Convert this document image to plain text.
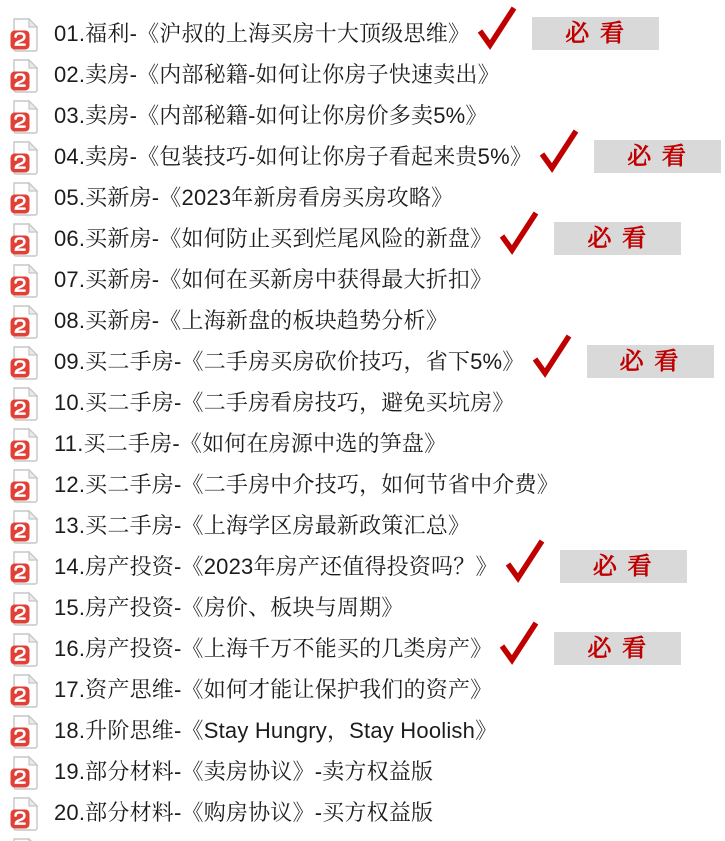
01.福利-《沪叔的上海买房十大顶级思维》	必 看
02.卖房-《内部秘籍-如何让你房子快速卖出》
03.卖房-《内部秘籍-如何让你房价多卖5%》
04.卖房-《包装技巧-如何让你房子看起来贵5%》	必 看
05.买新房-《2023年新房看房买房攻略》
06.买新房-《如何防止买到烂尾风险的新盘》	必 看
07.买新房-《如何在买新房中获得最大折扣》
08.买新房-《上海新盘的板块趋势分析》
09.买二手房-《二手房买房砍价技巧，省下5%》	必 看
10.买二手房-《二手房看房技巧，避免买坑房》
11.买二手房-《如何在房源中选的笋盘》
12.买二手房-《二手房中介技巧，如何节省中介费》
13.买二手房-《上海学区房最新政策汇总》
14.房产投资-《2023年房产还值得投资吗？》	必 看
15.房产投资-《房价、板块与周期》
16.房产投资-《上海千万不能买的几类房产》	必 看
17.资产思维-《如何才能让保护我们的资产》
18.升阶思维-《Stay Hungry，Stay Hoolish》
19.部分材料-《卖房协议》-卖方权益版
20.部分材料-《购房协议》-买方权益版
